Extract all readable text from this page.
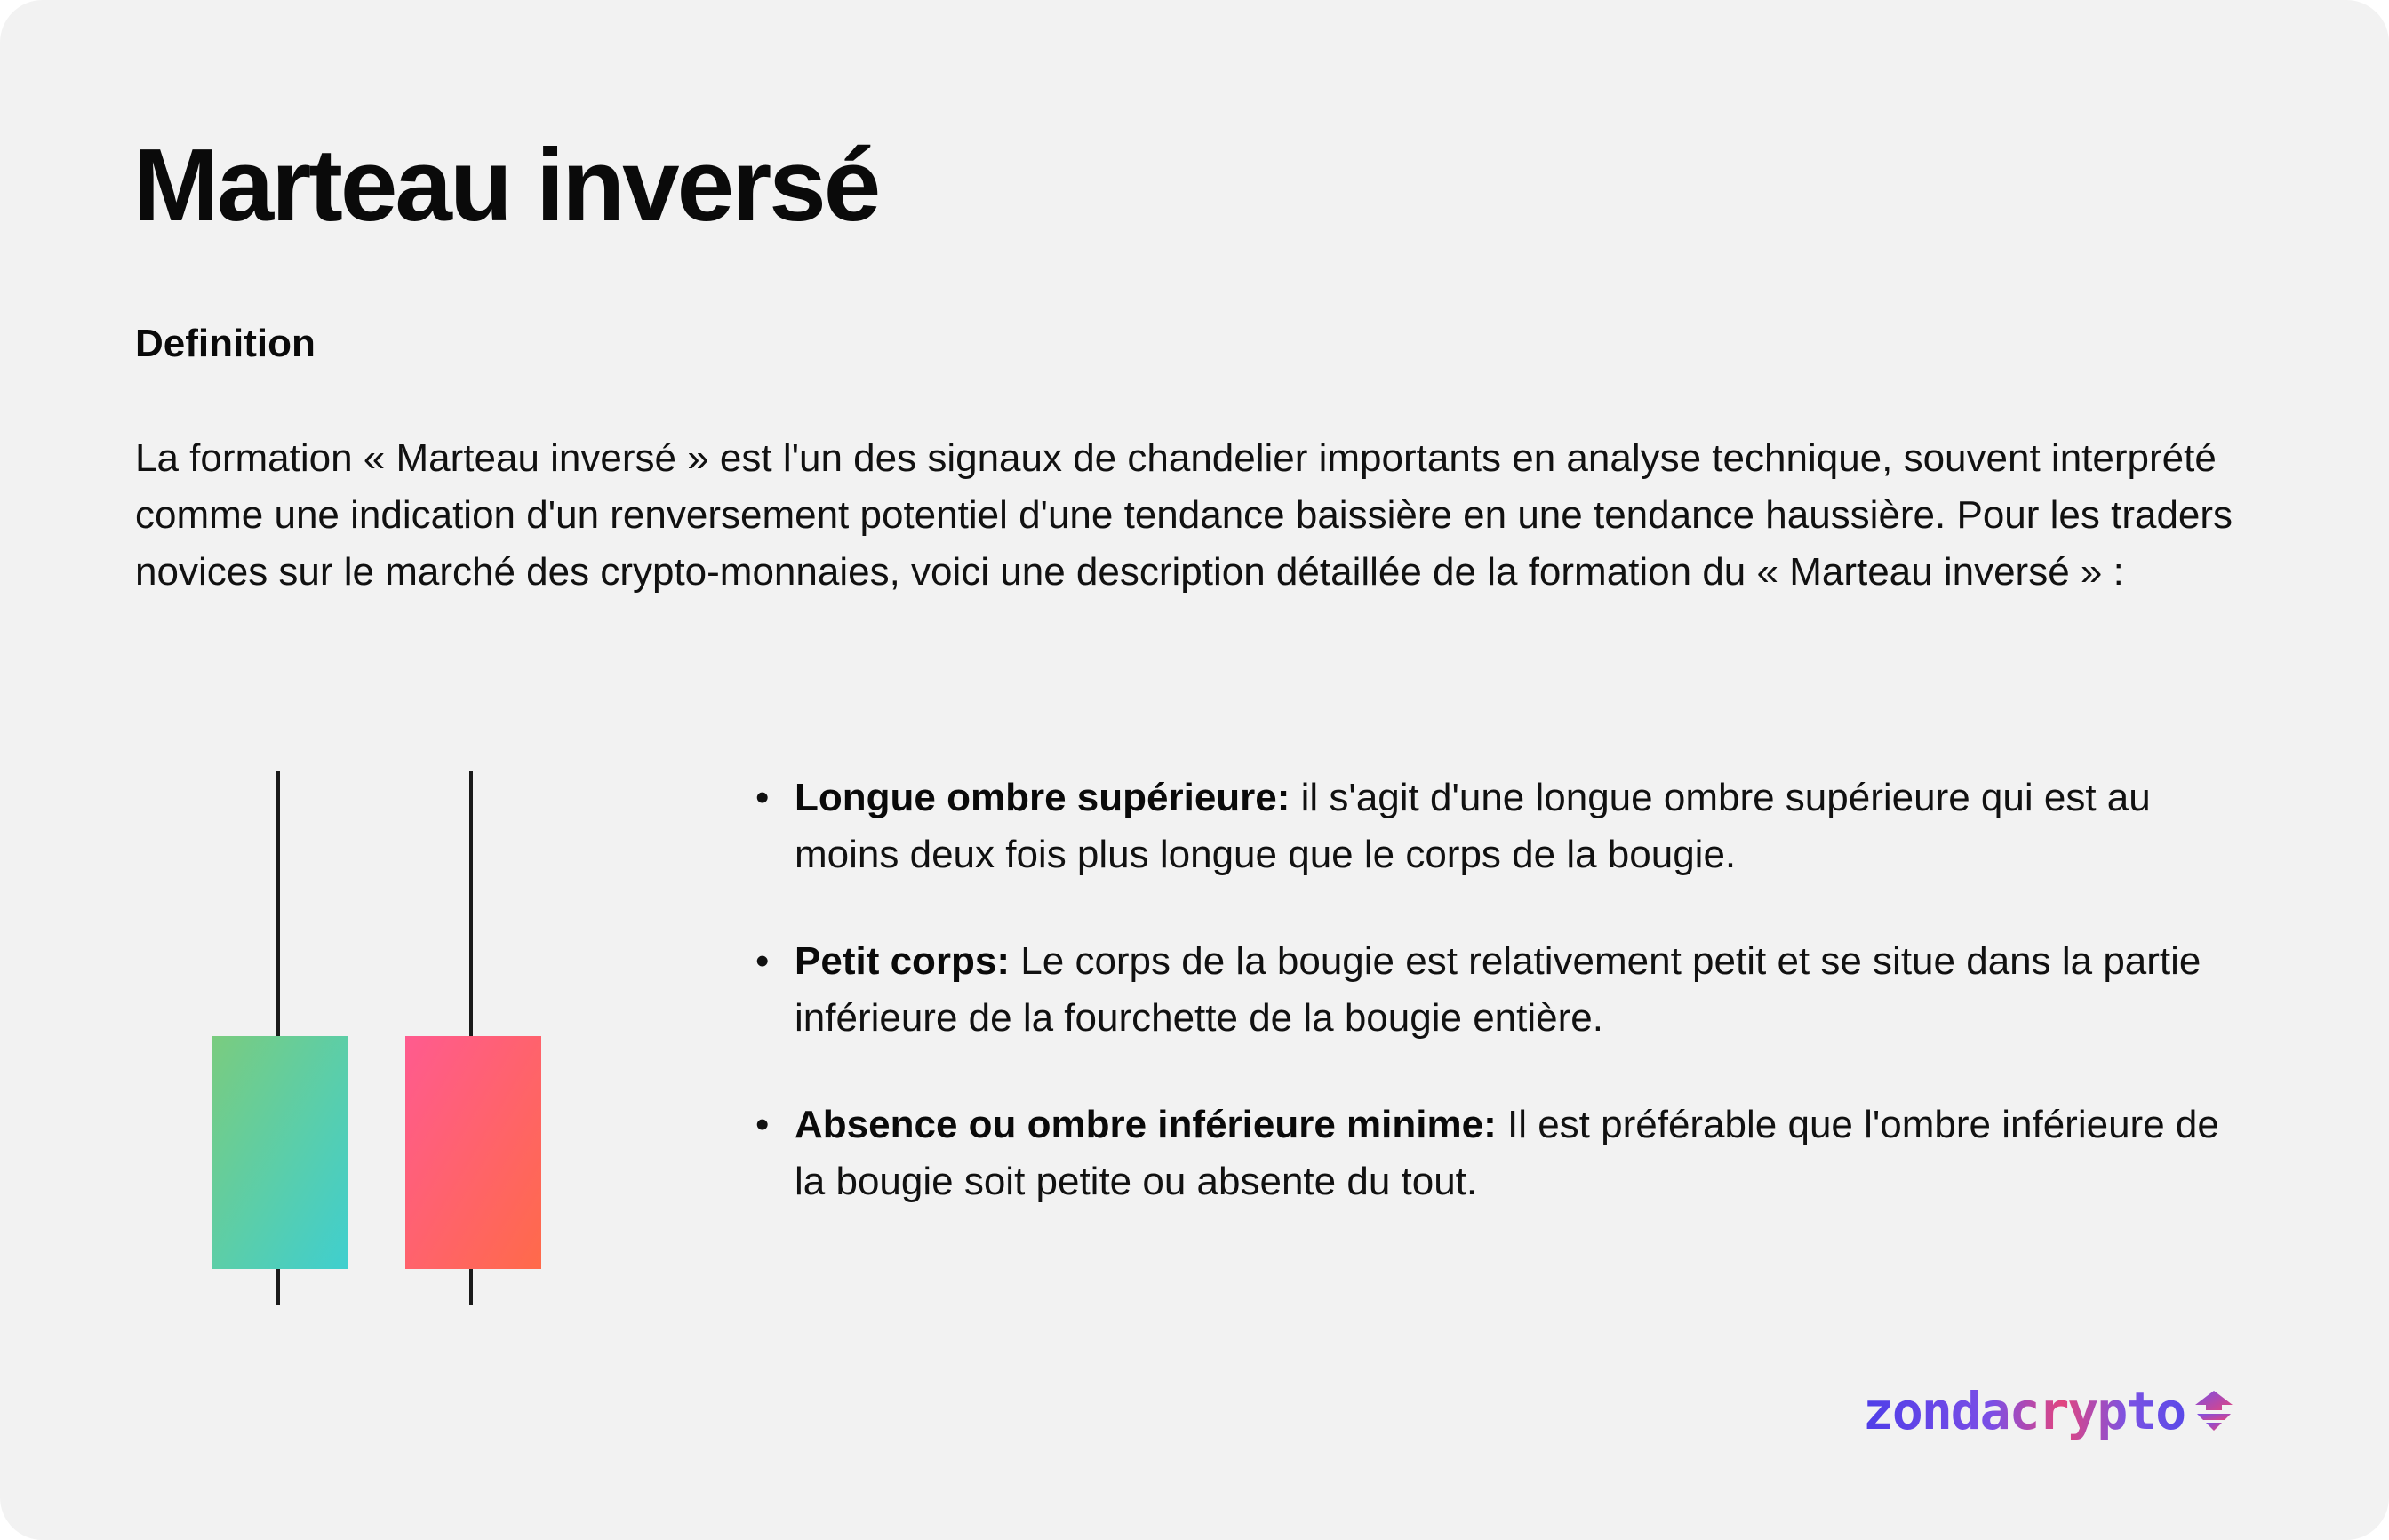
Marteau inversé
Definition

La formation « Marteau inversé » est l'un des signaux de chandelier importants en analyse technique, souvent interprété comme une indication d'un renversement potentiel d'une tendance baissière en une tendance haussière. Pour les traders novices sur le marché des crypto-monnaies, voici une description détaillée de la formation du « Marteau inversé » :

• Longue ombre supérieure: il s'agit d'une longue ombre supérieure qui est au moins deux fois plus longue que le corps de la bougie.
• Petit corps: Le corps de la bougie est relativement petit et se situe dans la partie inférieure de la fourchette de la bougie entière.
• Absence ou ombre inférieure minime: Il est préférable que l'ombre inférieure de la bougie soit petite ou absente du tout.
zondacrypto
